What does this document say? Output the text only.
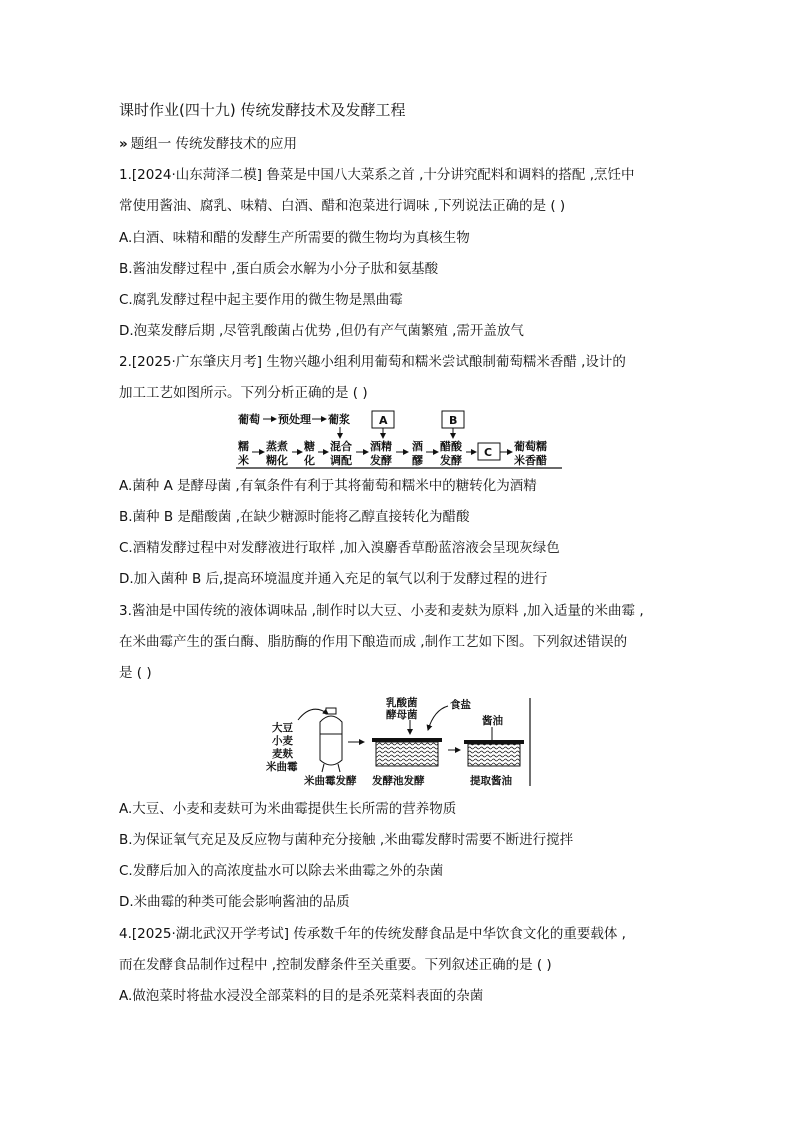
课时作业(四十九) 传统发酵技术及发酵工程
» 题组一 传统发酵技术的应用
1.[2024·山东菏泽二模] 鲁菜是中国八大菜系之首 ,十分讲究配料和调料的搭配 ,烹饪中
常使用酱油、腐乳、味精、白酒、醋和泡菜进行调味 ,下列说法正确的是 ( )
A.白酒、味精和醋的发酵生产所需要的微生物均为真核生物
B.酱油发酵过程中 ,蛋白质会水解为小分子肽和氨基酸
C.腐乳发酵过程中起主要作用的微生物是黑曲霉
D.泡菜发酵后期 ,尽管乳酸菌占优势 ,但仍有产气菌繁殖 ,需开盖放气
2.[2025·广东肇庆月考] 生物兴趣小组利用葡萄和糯米尝试酿制葡萄糯米香醋 ,设计的
加工工艺如图所示。下列分析正确的是 ( )
葡萄 预处理 葡浆	A	B
糯
米
蒸煮
糊化
糖
化
混合
调配
酒精
发酵
酒
醪
醋酸
发酵
C 葡萄糯
米香醋
A.菌种 A 是酵母菌 ,有氧条件有利于其将葡萄和糯米中的糖转化为酒精
B.菌种 B 是醋酸菌 ,在缺少糖源时能将乙醇直接转化为醋酸
C.酒精发酵过程中对发酵液进行取样 ,加入溴麝香草酚蓝溶液会呈现灰绿色
D.加入菌种 B 后,提高环境温度并通入充足的氧气以利于发酵过程的进行
3.酱油是中国传统的液体调味品 ,制作时以大豆、小麦和麦麸为原料 ,加入适量的米曲霉 ,
在米曲霉产生的蛋白酶、脂肪酶的作用下酿造而成 ,制作工艺如下图。下列叙述错误的
是 ( )
大豆
小麦
麦麸
米曲霉
米曲霉发酵
乳酸菌
酵母菌
食盐
发酵池发酵
酱油
提取酱油
A.大豆、小麦和麦麸可为米曲霉提供生长所需的营养物质
B.为保证氧气充足及反应物与菌种充分接触 ,米曲霉发酵时需要不断进行搅拌
C.发酵后加入的高浓度盐水可以除去米曲霉之外的杂菌
D.米曲霉的种类可能会影响酱油的品质
4.[2025·湖北武汉开学考试] 传承数千年的传统发酵食品是中华饮食文化的重要载体 ,
而在发酵食品制作过程中 ,控制发酵条件至关重要。下列叙述正确的是 ( )
A.做泡菜时将盐水浸没全部菜料的目的是杀死菜料表面的杂菌
